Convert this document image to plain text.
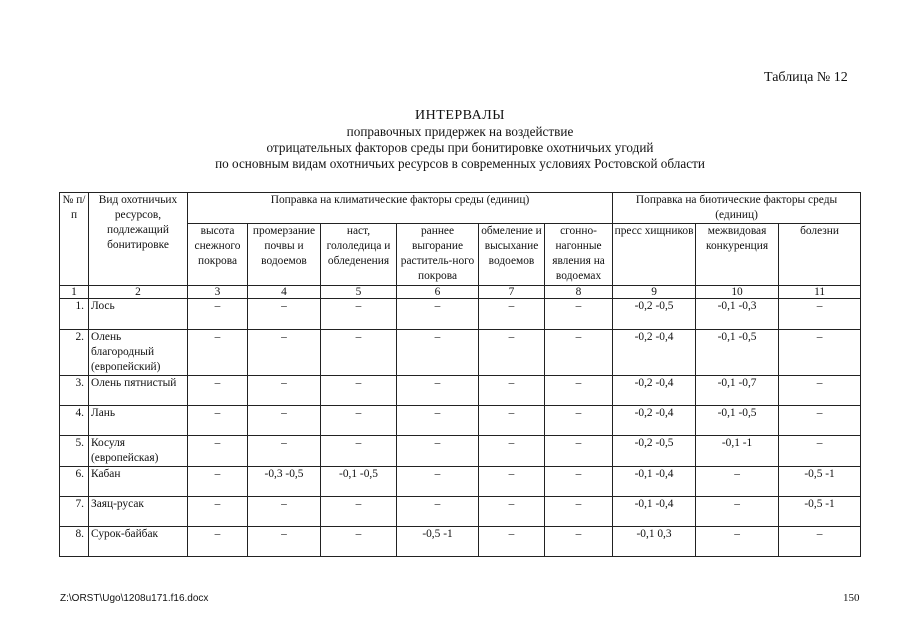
Таблица № 12
ИНТЕРВАЛЫ
поправочных придержек на воздействие
отрицательных факторов среды при бонитировке охотничьих угодий
по основным видам охотничьих ресурсов в современных условиях Ростовской области
№ п/п	Вид охотничьих ресурсов, подлежащий бонитировке	Поправка на климатические факторы среды (единиц)						Поправка на биотические факторы среды (единиц)		
		высота снежного покрова	промерзание почвы и водоемов	наст, гололедица и обледенения	раннее выгорание раститель-ного покрова	обмеление и высыхание водоемов	сгонно-нагонные явления на водоемах	пресс хищников	межвидовая конкуренция	болезни
1	2	3	4	5	6	7	8	9	10	11
1.	Лось	–	–	–	–	–	–	-0,2 -0,5	-0,1 -0,3	–
2.	Олень благородный (европейский)	–	–	–	–	–	–	-0,2 -0,4	-0,1 -0,5	–
3.	Олень пятнистый	–	–	–	–	–	–	-0,2 -0,4	-0,1 -0,7	–
4.	Лань	–	–	–	–	–	–	-0,2 -0,4	-0,1 -0,5	–
5.	Косуля (европейская)	–	–	–	–	–	–	-0,2 -0,5	-0,1 -1	–
6.	Кабан	–	-0,3 -0,5	-0,1 -0,5	–	–	–	-0,1 -0,4	–	-0,5 -1
7.	Заяц-русак	–	–	–	–	–	–	-0,1 -0,4	–	-0,5 -1
8.	Сурок-байбак	–	–	–	-0,5 -1	–	–	-0,1 0,3	–	–
Z:\ORST\Ugo\1208u171.f16.docx	150
